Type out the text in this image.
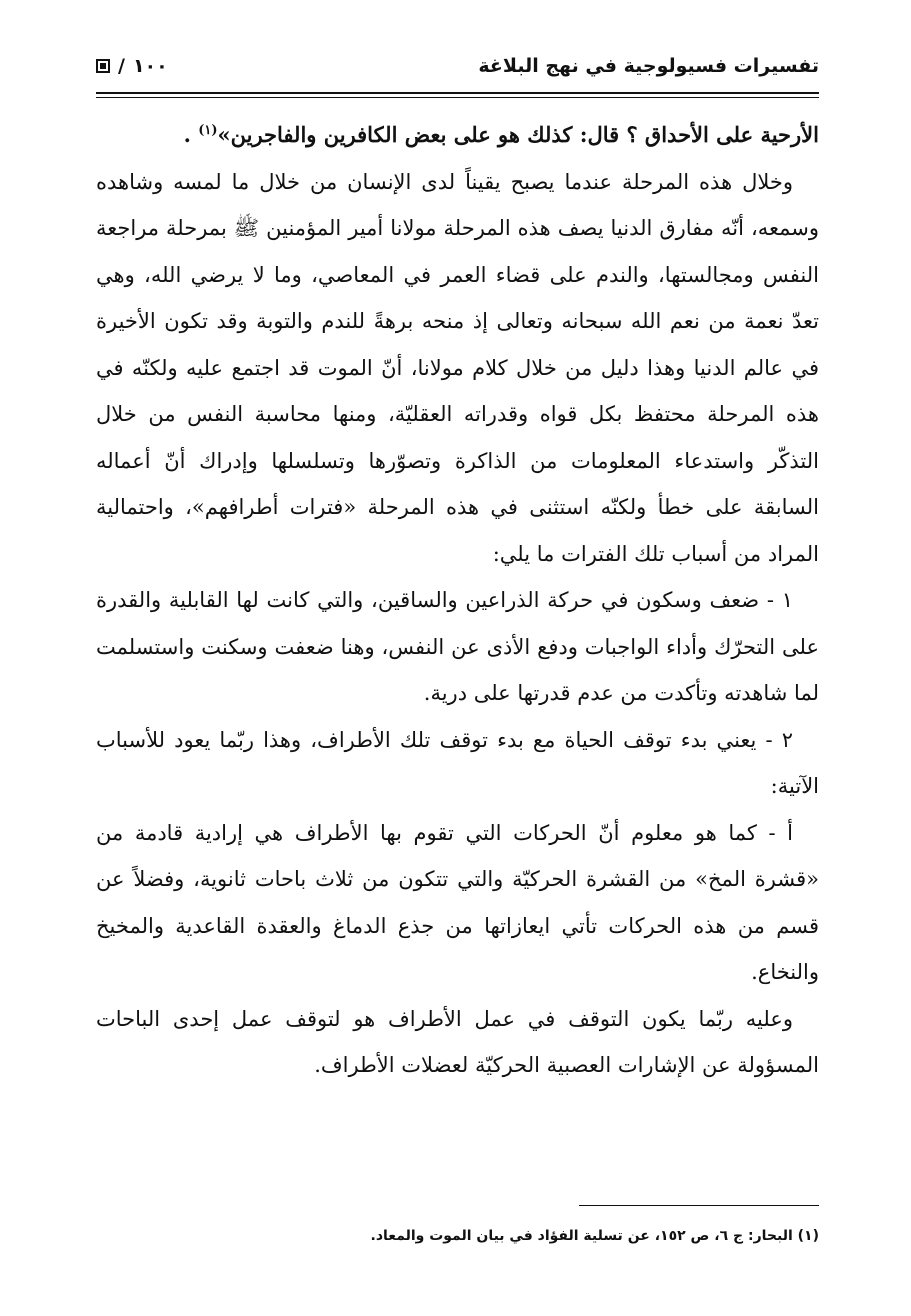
تفسيرات فسيولوجية في نهج البلاغة
١٠٠
/

الأرحية على الأحداق ؟ قال: كذلك هو على بعض الكافرين والفاجرين»$^{(١)}$ .

وخلال هذه المرحلة عندما يصبح يقيناً لدى الإنسان من خلال ما لمسه وشاهده وسمعه، أنّه مفارق الدنيا يصف هذه المرحلة مولانا أمير المؤمنين ﷺ بمرحلة مراجعة النفس ومجالستها، والندم على قضاء العمر في المعاصي، وما لا يرضي الله، وهي تعدّ نعمة من نعم الله سبحانه وتعالى إذ منحه برهةً للندم والتوبة وقد تكون الأخيرة في عالم الدنيا وهذا دليل من خلال كلام مولانا، أنّ الموت قد اجتمع عليه ولكنّه في هذه المرحلة محتفظ بكل قواه وقدراته العقليّة، ومنها محاسبة النفس من خلال التذكّر واستدعاء المعلومات من الذاكرة وتصوّرها وتسلسلها وإدراك أنّ أعماله السابقة على خطأ ولكنّه استثنى في هذه المرحلة «فترات أطرافهم»، واحتمالية المراد من أسباب تلك الفترات ما يلي:

١ - ضعف وسكون في حركة الذراعين والساقين، والتي كانت لها القابلية والقدرة على التحرّك وأداء الواجبات ودفع الأذى عن النفس، وهنا ضعفت وسكنت واستسلمت لما شاهدته وتأكدت من عدم قدرتها على درية.

٢ - يعني بدء توقف الحياة مع بدء توقف تلك الأطراف، وهذا ربّما يعود للأسباب الآتية:

أ - كما هو معلوم أنّ الحركات التي تقوم بها الأطراف هي إرادية قادمة من «قشرة المخ» من القشرة الحركيّة والتي تتكون من ثلاث باحات ثانوية، وفضلاً عن قسم من هذه الحركات تأتي ايعازاتها من جذع الدماغ والعقدة القاعدية والمخيخ والنخاع.

وعليه ربّما يكون التوقف في عمل الأطراف هو لتوقف عمل إحدى الباحات المسؤولة عن الإشارات العصبية الحركيّة لعضلات الأطراف.

(١) البحار: ج ٦، ص ١٥٢، عن تسلية الفؤاد في بيان الموت والمعاد.
